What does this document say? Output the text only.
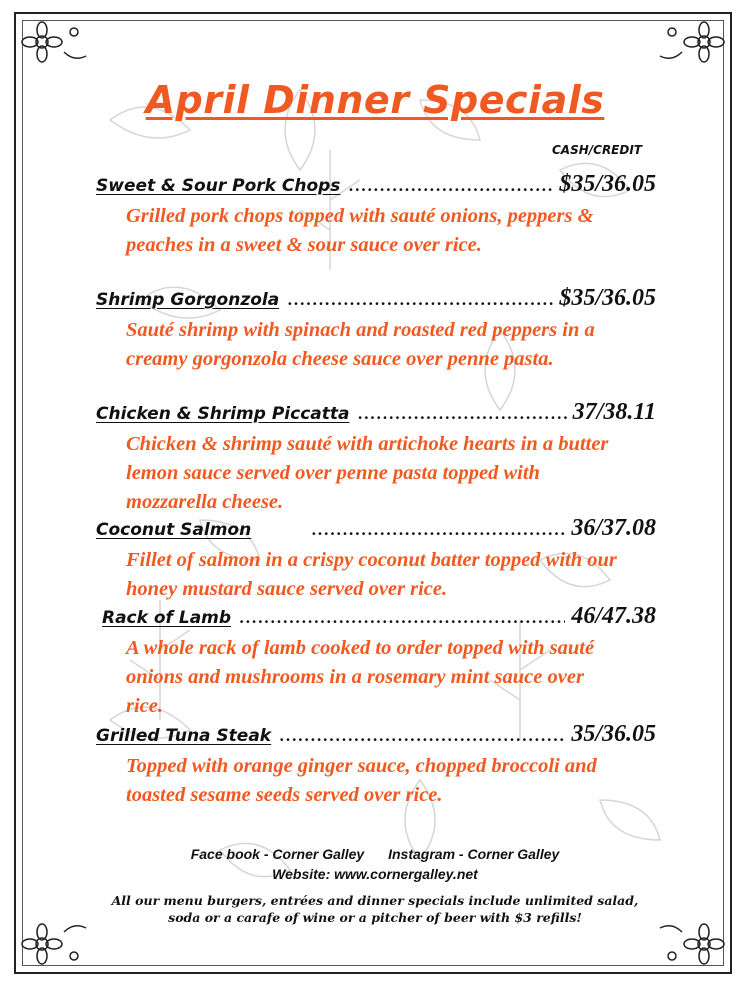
April Dinner Specials
CASH/CREDIT
Sweet & Sour Pork Chops .....	$35/36.05
Grilled pork chops topped with sauté onions, peppers & peaches in a sweet & sour sauce over rice.
Shrimp Gorgonzola .....	$35/36.05
Sauté shrimp with spinach and roasted red peppers in a creamy gorgonzola cheese sauce over penne pasta.
Chicken & Shrimp Piccatta .....	37/38.11
Chicken & shrimp sauté with artichoke hearts in a butter lemon sauce served over penne pasta topped with mozzarella cheese.
Coconut Salmon .....	36/37.08
Fillet of salmon in a crispy coconut batter topped with our honey mustard sauce served over rice.
Rack of Lamb .....	46/47.38
A whole rack of lamb cooked to order topped with sauté onions and mushrooms in a rosemary mint sauce over rice.
Grilled Tuna Steak .....	35/36.05
Topped with orange ginger sauce, chopped broccoli and toasted sesame seeds served over rice.
Face book - Corner Galley Instagram - Corner Galley
Website: www.cornergalley.net
All our menu burgers, entrées and dinner specials include unlimited salad, soda or a carafe of wine or a pitcher of beer with $3 refills!
